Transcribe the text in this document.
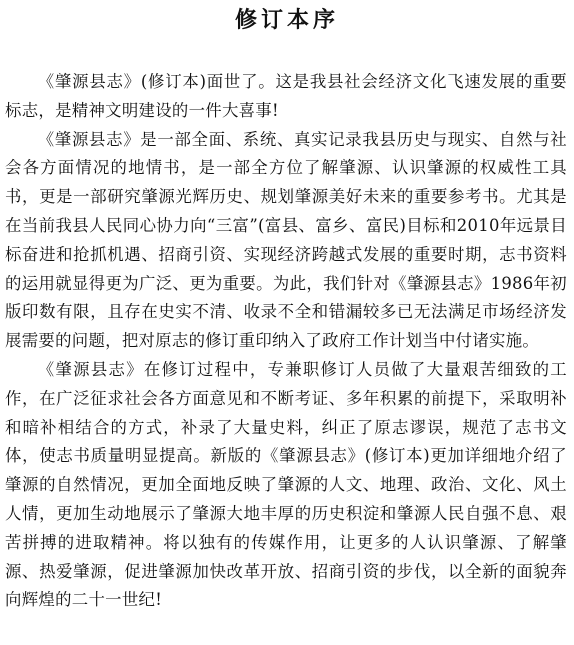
修订本序

《肇源县志》(修订本)面世了。这是我县社会经济文化飞速发展的重要标志，是精神文明建设的一件大喜事!

《肇源县志》是一部全面、系统、真实记录我县历史与现实、自然与社会各方面情况的地情书，是一部全方位了解肇源、认识肇源的权威性工具书，更是一部研究肇源光辉历史、规划肇源美好未来的重要参考书。尤其是在当前我县人民同心协力向“三富”(富县、富乡、富民)目标和2010年远景目标奋进和抢抓机遇、招商引资、实现经济跨越式发展的重要时期，志书资料的运用就显得更为广泛、更为重要。为此，我们针对《肇源县志》1986年初版印数有限，且存在史实不清、收录不全和错漏较多已无法满足市场经济发展需要的问题，把对原志的修订重印纳入了政府工作计划当中付诸实施。

《肇源县志》在修订过程中，专兼职修订人员做了大量艰苦细致的工作，在广泛征求社会各方面意见和不断考证、多年积累的前提下，采取明补和暗补相结合的方式，补录了大量史料，纠正了原志谬误，规范了志书文体，使志书质量明显提高。新版的《肇源县志》(修订本)更加详细地介绍了肇源的自然情况，更加全面地反映了肇源的人文、地理、政治、文化、风土人情，更加生动地展示了肇源大地丰厚的历史积淀和肇源人民自强不息、艰苦拼搏的进取精神。将以独有的传媒作用，让更多的人认识肇源、了解肇源、热爱肇源，促进肇源加快改革开放、招商引资的步伐，以全新的面貌奔向辉煌的二十一世纪!
